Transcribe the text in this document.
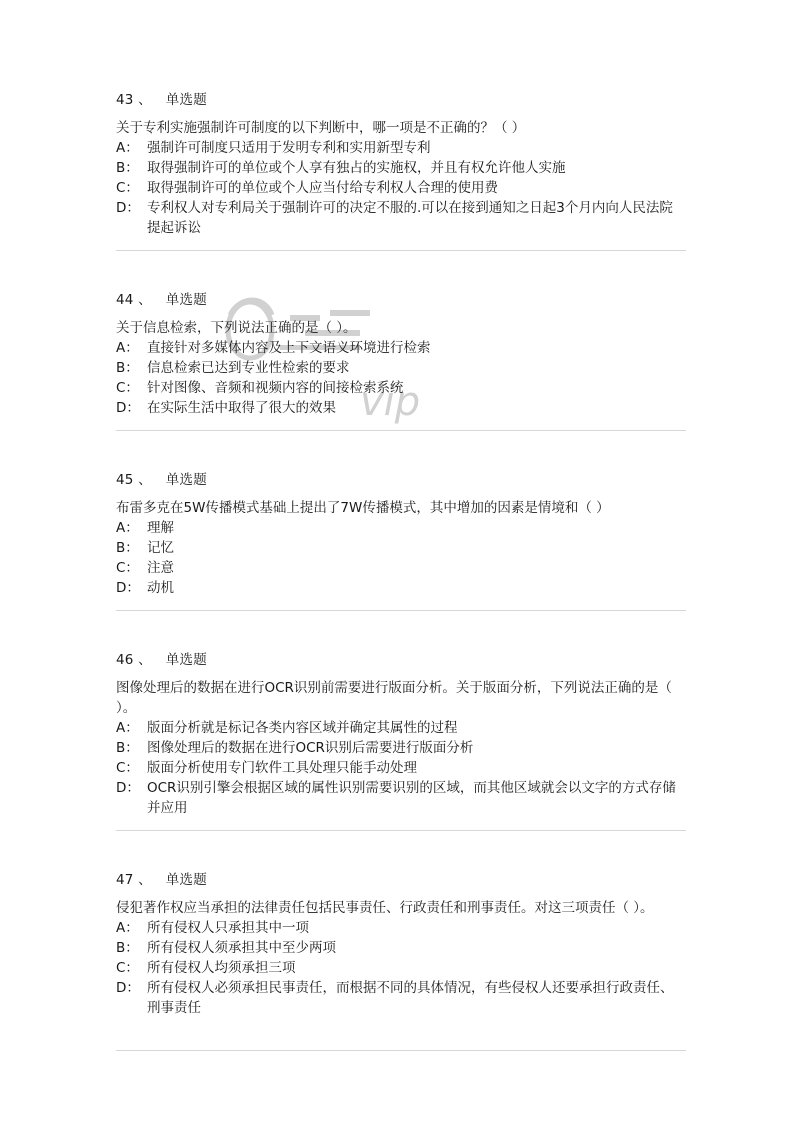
vip
43 、 单选题
关于专利实施强制许可制度的以下判断中，哪一项是不正确的？（ ）
A： 强制许可制度只适用于发明专利和实用新型专利
B： 取得强制许可的单位或个人享有独占的实施权，并且有权允许他人实施
C： 取得强制许可的单位或个人应当付给专利权人合理的使用费
D： 专利权人对专利局关于强制许可的决定不服的.可以在接到通知之日起3个月内向人民法院提起诉讼
44 、 单选题
关于信息检索，下列说法正确的是（ ）。
A： 直接针对多媒体内容及上下文语义环境进行检索
B： 信息检索已达到专业性检索的要求
C： 针对图像、音频和视频内容的间接检索系统
D： 在实际生活中取得了很大的效果
45 、 单选题
布雷多克在5W传播模式基础上提出了7W传播模式，其中增加的因素是情境和（ ）
A： 理解
B： 记忆
C： 注意
D： 动机
46 、 单选题
图像处理后的数据在进行OCR识别前需要进行版面分析。关于版面分析，下列说法正确的是（ ）。
A： 版面分析就是标记各类内容区域并确定其属性的过程
B： 图像处理后的数据在进行OCR识别后需要进行版面分析
C： 版面分析使用专门软件工具处理只能手动处理
D： OCR识别引擎会根据区域的属性识别需要识别的区域，而其他区域就会以文字的方式存储并应用
47 、 单选题
侵犯著作权应当承担的法律责任包括民事责任、行政责任和刑事责任。对这三项责任（ ）。
A： 所有侵权人只承担其中一项
B： 所有侵权人须承担其中至少两项
C： 所有侵权人均须承担三项
D： 所有侵权人必须承担民事责任，而根据不同的具体情况，有些侵权人还要承担行政责任、刑事责任
